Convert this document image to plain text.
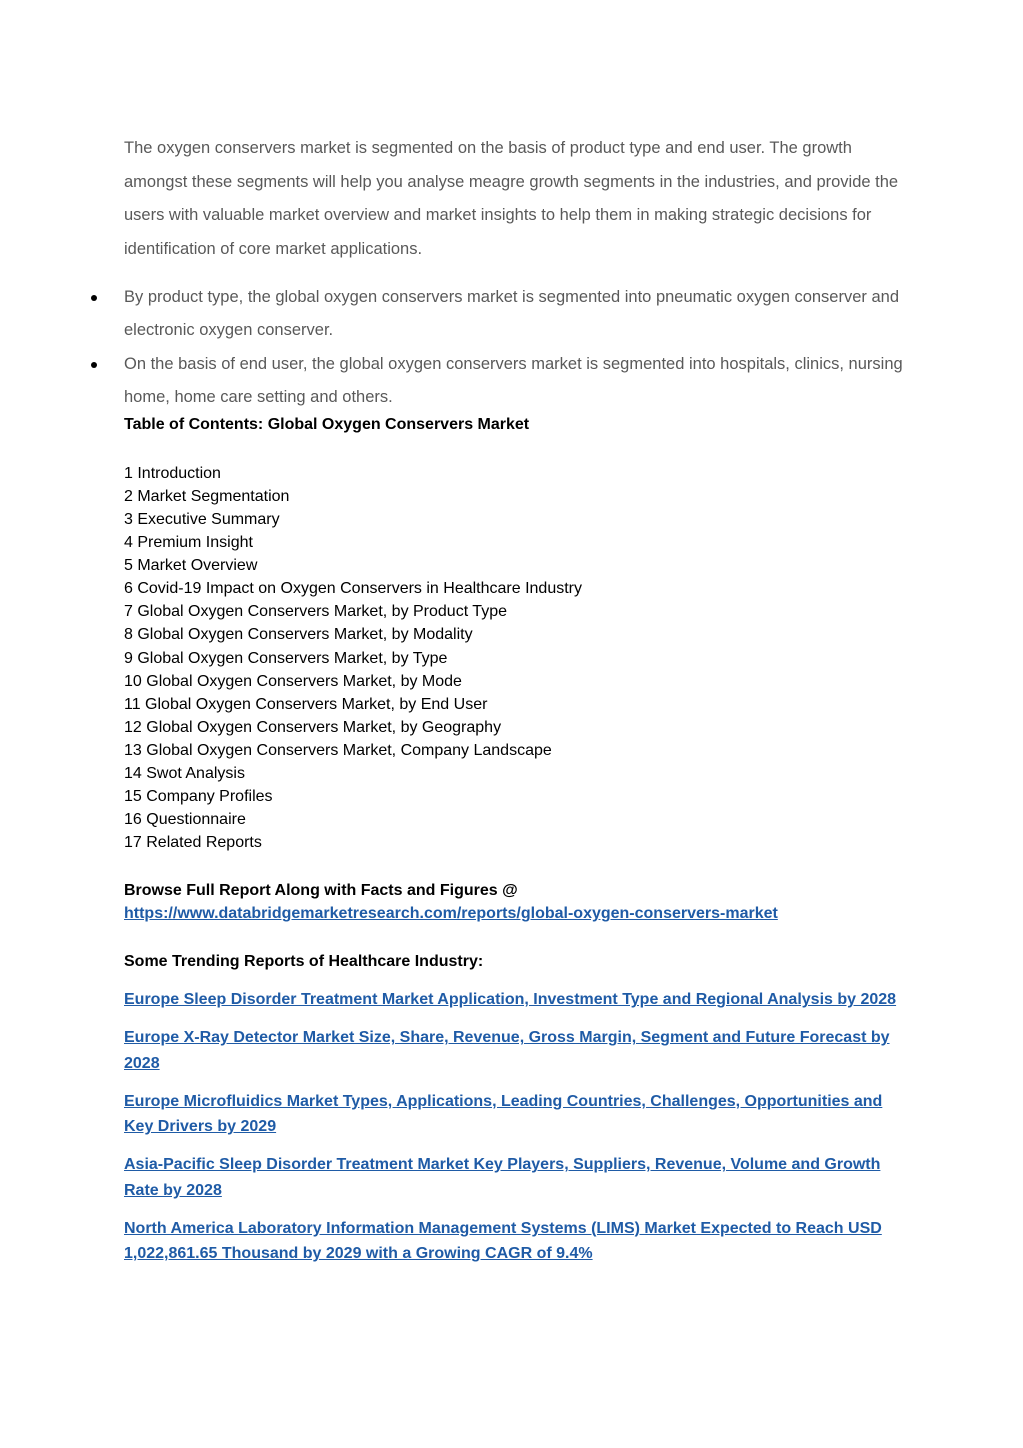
The oxygen conservers market is segmented on the basis of product type and end user. The growth amongst these segments will help you analyse meagre growth segments in the industries, and provide the users with valuable market overview and market insights to help them in making strategic decisions for identification of core market applications.

By product type, the global oxygen conservers market is segmented into pneumatic oxygen conserver and electronic oxygen conserver.
On the basis of end user, the global oxygen conservers market is segmented into hospitals, clinics, nursing home, home care setting and others.
Table of Contents: Global Oxygen Conservers Market
1 Introduction
2 Market Segmentation
3 Executive Summary
4 Premium Insight
5 Market Overview
6 Covid-19 Impact on Oxygen Conservers in Healthcare Industry
7 Global Oxygen Conservers Market, by Product Type
8 Global Oxygen Conservers Market, by Modality
9 Global Oxygen Conservers Market, by Type
10 Global Oxygen Conservers Market, by Mode
11 Global Oxygen Conservers Market, by End User
12 Global Oxygen Conservers Market, by Geography
13 Global Oxygen Conservers Market, Company Landscape
14 Swot Analysis
15 Company Profiles
16 Questionnaire
17 Related Reports
Browse Full Report Along with Facts and Figures @
https://www.databridgemarketresearch.com/reports/global-oxygen-conservers-market
Some Trending Reports of Healthcare Industry:
Europe Sleep Disorder Treatment Market Application, Investment Type and Regional Analysis by 2028
Europe X-Ray Detector Market Size, Share, Revenue, Gross Margin, Segment and Future Forecast by 2028
Europe Microfluidics Market Types, Applications, Leading Countries, Challenges, Opportunities and Key Drivers by 2029
Asia-Pacific Sleep Disorder Treatment Market Key Players, Suppliers, Revenue, Volume and Growth Rate by 2028
North America Laboratory Information Management Systems (LIMS) Market Expected to Reach USD 1,022,861.65 Thousand by 2029 with a Growing CAGR of 9.4%
